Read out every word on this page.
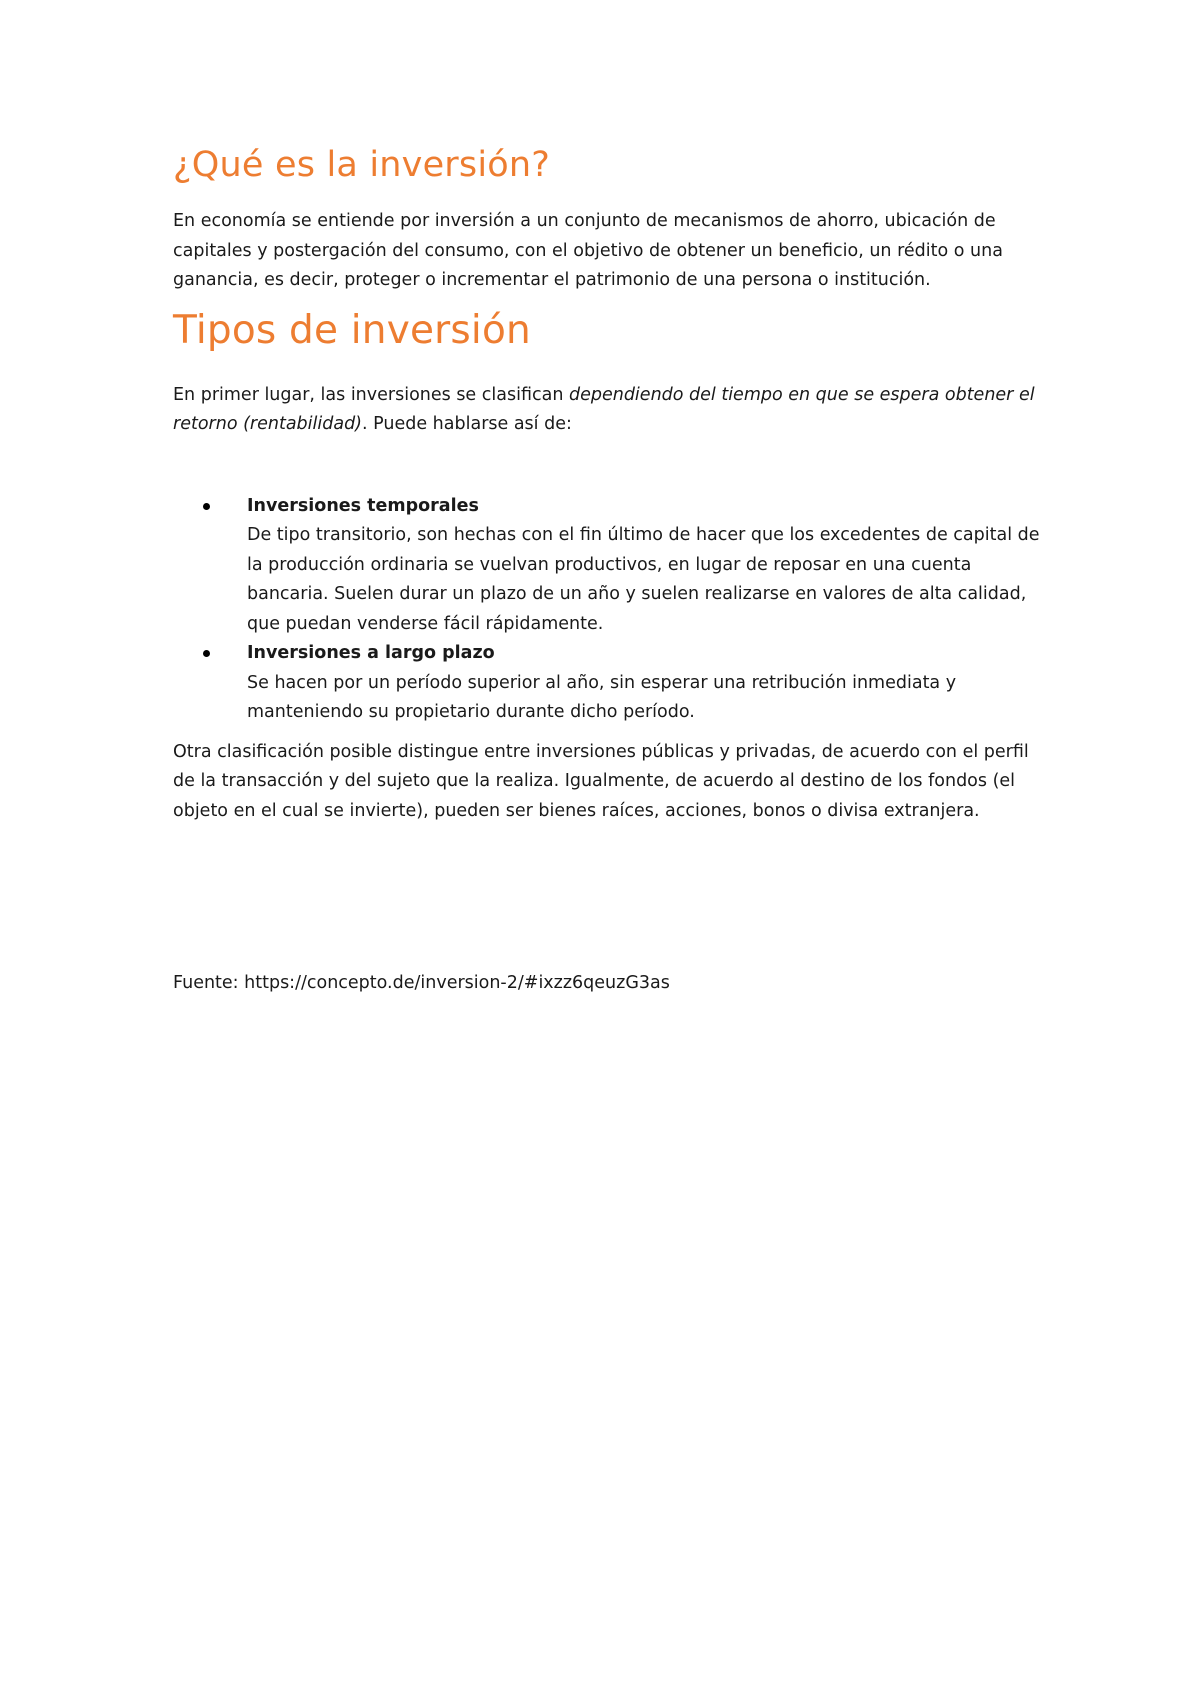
¿Qué es la inversión?

En economía se entiende por inversión a un conjunto de mecanismos de ahorro, ubicación de capitales y postergación del consumo, con el objetivo de obtener un beneficio, un rédito o una ganancia, es decir, proteger o incrementar el patrimonio de una persona o institución.

Tipos de inversión

En primer lugar, las inversiones se clasifican dependiendo del tiempo en que se espera obtener el retorno (rentabilidad). Puede hablarse así de:

Inversiones temporales
De tipo transitorio, son hechas con el fin último de hacer que los excedentes de capital de la producción ordinaria se vuelvan productivos, en lugar de reposar en una cuenta bancaria. Suelen durar un plazo de un año y suelen realizarse en valores de alta calidad, que puedan venderse fácil rápidamente.
Inversiones a largo plazo
Se hacen por un período superior al año, sin esperar una retribución inmediata y manteniendo su propietario durante dicho período.

Otra clasificación posible distingue entre inversiones públicas y privadas, de acuerdo con el perfil de la transacción y del sujeto que la realiza. Igualmente, de acuerdo al destino de los fondos (el objeto en el cual se invierte), pueden ser bienes raíces, acciones, bonos o divisa extranjera.

Fuente: https://concepto.de/inversion-2/#ixzz6qeuzG3as
